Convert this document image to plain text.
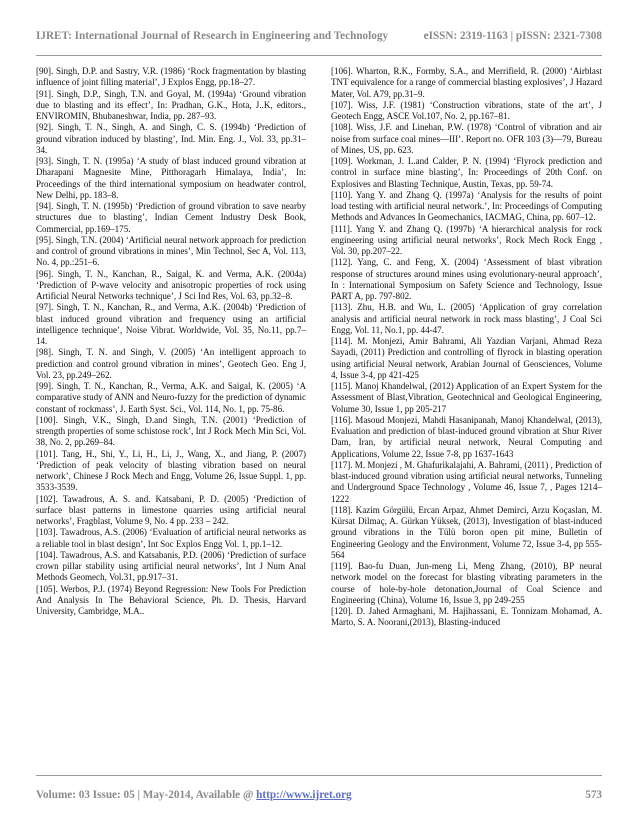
IJRET: International Journal of Research in Engineering and Technology	eISSN: 2319-1163 | pISSN: 2321-7308

[90]. Singh, D.P. and Sastry, V.R. (1986) ‘Rock fragmentation by blasting influence of joint filling material’, J Explos Engg, pp.18–27.

[91]. Singh, D.P., Singh, T.N. and Goyal, M. (1994a) ‘Ground vibration due to blasting and its effect’, In: Pradhan, G.K., Hota, J..K, editors., ENVIROMIN, Bhubaneshwar, India, pp. 287–93.

[92]. Singh, T. N., Singh, A. and Singh, C. S. (1994b) ‘Prediction of ground vibration induced by blasting’, Ind. Min. Eng. J., Vol. 33, pp.31–34.

[93]. Singh, T. N. (1995a) ‘A study of blast induced ground vibration at Dharapani Magnesite Mine, Pitthoragarh Himalaya, India’, In: Proceedings of the third international symposium on headwater control, New Delhi, pp. 183–8.

[94]. Singh, T. N. (1995b) ‘Prediction of ground vibration to save nearby structures due to blasting’, Indian Cement Industry Desk Book, Commercial, pp.169–175.

[95]. Singh, T.N. (2004) ‘Artificial neural network approach for prediction and control of ground vibrations in mines’, Min Technol, Sec A, Vol. 113, No. 4, pp.:251–6.

[96]. Singh, T. N., Kanchan, R., Saigal, K. and Verma, A.K. (2004a) ‘Prediction of P-wave velocity and anisotropic properties of rock using Artificial Neural Networks technique’, J Sci Ind Res, Vol. 63, pp.32–8.

[97]. Singh, T. N., Kanchan, R., and Verma, A.K. (2004b) ‘Prediction of blast induced ground vibration and frequency using an artificial intelligence technique’, Noise Vibrat. Worldwide, Vol. 35, No.11, pp.7–14.

[98]. Singh, T. N. and Singh, V. (2005) ‘An intelligent approach to prediction and control ground vibration in mines’, Geotech Geo. Eng J, Vol. 23, pp.249–262.

[99]. Singh, T. N., Kanchan, R., Verma, A.K. and Saigal, K. (2005) ‘A comparative study of ANN and Neuro-fuzzy for the prediction of dynamic constant of rockmass’, J. Earth Syst. Sci., Vol. 114, No. 1, pp. 75-86.

[100]. Singh, V.K., Singh, D.and Singh, T.N. (2001) ‘Prediction of strength properties of some schistose rock’, Int J Rock Mech Min Sci, Vol. 38, No. 2, pp.269–84.

[101]. Tang, H., Shi, Y., Li, H., Li, J., Wang, X., and Jiang, P. (2007) ‘Prediction of peak velocity of blasting vibration based on neural network’, Chinese J Rock Mech and Engg, Volume 26, Issue Suppl. 1, pp. 3533-3539.

[102]. Tawadrous, A. S. and. Katsabani, P. D. (2005) ‘Prediction of surface blast patterns in limestone quarries using artificial neural networks’, Fragblast, Volume 9, No. 4 pp. 233 – 242.

[103]. Tawadrous, A.S. (2006) ‘Evaluation of artificial neural networks as a reliable tool in blast design’, Int Soc Explos Engg Vol. 1, pp.1–12.

[104]. Tawadrous, A.S. and Katsabanis, P.D. (2006) ‘Prediction of surface crown pillar stability using artificial neural networks’, Int J Num Anal Methods Geomech, Vol.31, pp.917–31.

[105]. Werbos, P.J. (1974) Beyond Regression: New Tools For Prediction And Analysis In The Behavioral Science, Ph. D. Thesis, Harvard University, Cambridge, M.A..

[106]. Wharton, R.K., Formby, S.A., and Merrifield, R. (2000) ‘Airblast TNT equivalence for a range of commercial blasting explosives’, J Hazard Mater, Vol. A79, pp.31–9.

[107]. Wiss, J.F. (1981) ‘Construction vibrations, state of the art’, J Geotech Engg, ASCE Vol.107, No. 2, pp.167–81.

[108]. Wiss, J.F. and Linehan, P.W. (1978) ‘Control of vibration and air noise from surface coal mines—III’. Report no. OFR 103 (3)—79, Bureau of Mines, US, pp. 623.

[109]. Workman, J. L.and Calder, P. N. (1994) ‘Flyrock prediction and control in surface mine blasting’, In: Proceedings of 20th Conf. on Explosives and Blasting Technique, Austin, Texas, pp. 59-74.

[110]. Yang Y. and Zhang Q. (1997a) ‘Analysis for the results of point load testing with artificial neural network.’, In: Proceedings of Computing Methods and Advances In Geomechanics, IACMAG, China, pp. 607–12.

[111]. Yang Y. and Zhang Q. (1997b) ‘A hierarchical analysis for rock engineering using artificial neural networks’, Rock Mech Rock Engg , Vol. 30, pp.207–22.

[112]. Yang, C. and Feng, X. (2004) ‘Assessment of blast vibration response of structures around mines using evolutionary-neural approach’, In : International Symposium on Safety Science and Technology, Issue PART A, pp. 797-802.

[113]. Zhu, H.B. and Wu, L. (2005) ‘Application of gray correlation analysis and artificial neural network in rock mass blasting’, J Coal Sci Engg, Vol. 11, No.1, pp. 44-47.

[114]. M. Monjezi, Amir Bahrami, Ali Yazdian Varjani, Ahmad Reza Sayadi, (2011) Prediction and controlling of flyrock in blasting operation using artificial Neural network, Arabian Journal of Geosciences, Volume 4, Issue 3-4, pp 421-425

[115]. Manoj Khandelwal, (2012) Application of an Expert System for the Assessment of Blast,Vibration, Geotechnical and Geological Engineering, Volume 30, Issue 1, pp 205-217

[116]. Masoud Monjezi, Mahdi Hasanipanah, Manoj Khandelwal, (2013), Evaluation and prediction of blast-induced ground vibration at Shur River Dam, Iran, by artificial neural network, Neural Computing and Applications, Volume 22, Issue 7-8, pp 1637-1643

[117]. M. Monjezi , M. Ghafurikalajahi, A. Bahrami, (2011) , Prediction of blast-induced ground vibration using artificial neural networks, Tunneling and Underground Space Technology , Volume 46, Issue 7, , Pages 1214–1222

[118]. Kazim Görgülü, Ercan Arpaz, Ahmet Demirci, Arzu Koçaslan, M. Kürsat Dilmaç, A. Gürkan Yüksek, (2013), Investigation of blast-induced ground vibrations in the Tülü boron open pit mine, Bulletin of Engineering Geology and the Environment, Volume 72, Issue 3-4, pp 555-564

[119]. Bao-fu Duan, Jun-meng Li, Meng Zhang, (2010), BP neural network model on the forecast for blasting vibrating parameters in the course of hole-by-hole detonation,Journal of Coal Science and Engineering (China), Volume 16, Issue 3, pp 249-255

[120]. D. Jahed Armaghani, M. Hajihassani, E. Tonnizam Mohamad, A. Marto, S. A. Noorani,(2013), Blasting-induced

Volume: 03 Issue: 05 | May-2014, Available @ http://www.ijret.org	573
